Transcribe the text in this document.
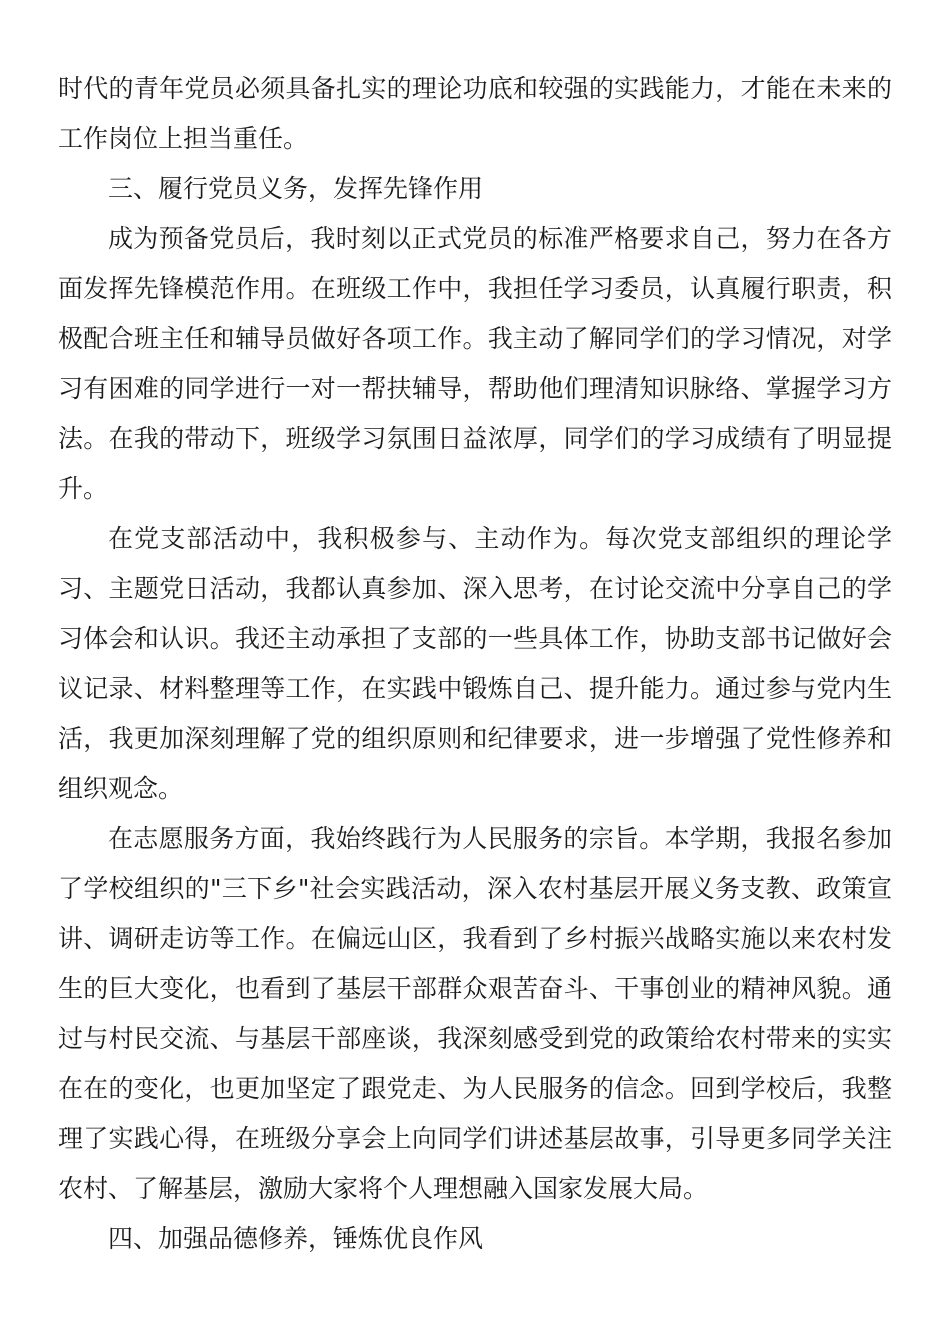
时代的青年党员必须具备扎实的理论功底和较强的实践能力，才能在未来的工作岗位上担当重任。

三、履行党员义务，发挥先锋作用

成为预备党员后，我时刻以正式党员的标准严格要求自己，努力在各方面发挥先锋模范作用。在班级工作中，我担任学习委员，认真履行职责，积极配合班主任和辅导员做好各项工作。我主动了解同学们的学习情况，对学习有困难的同学进行一对一帮扶辅导，帮助他们理清知识脉络、掌握学习方法。在我的带动下，班级学习氛围日益浓厚，同学们的学习成绩有了明显提升。

在党支部活动中，我积极参与、主动作为。每次党支部组织的理论学习、主题党日活动，我都认真参加、深入思考，在讨论交流中分享自己的学习体会和认识。我还主动承担了支部的一些具体工作，协助支部书记做好会议记录、材料整理等工作，在实践中锻炼自己、提升能力。通过参与党内生活，我更加深刻理解了党的组织原则和纪律要求，进一步增强了党性修养和组织观念。

在志愿服务方面，我始终践行为人民服务的宗旨。本学期，我报名参加了学校组织的"三下乡"社会实践活动，深入农村基层开展义务支教、政策宣讲、调研走访等工作。在偏远山区，我看到了乡村振兴战略实施以来农村发生的巨大变化，也看到了基层干部群众艰苦奋斗、干事创业的精神风貌。通过与村民交流、与基层干部座谈，我深刻感受到党的政策给农村带来的实实在在的变化，也更加坚定了跟党走、为人民服务的信念。回到学校后，我整理了实践心得，在班级分享会上向同学们讲述基层故事，引导更多同学关注农村、了解基层，激励大家将个人理想融入国家发展大局。

四、加强品德修养，锤炼优良作风
